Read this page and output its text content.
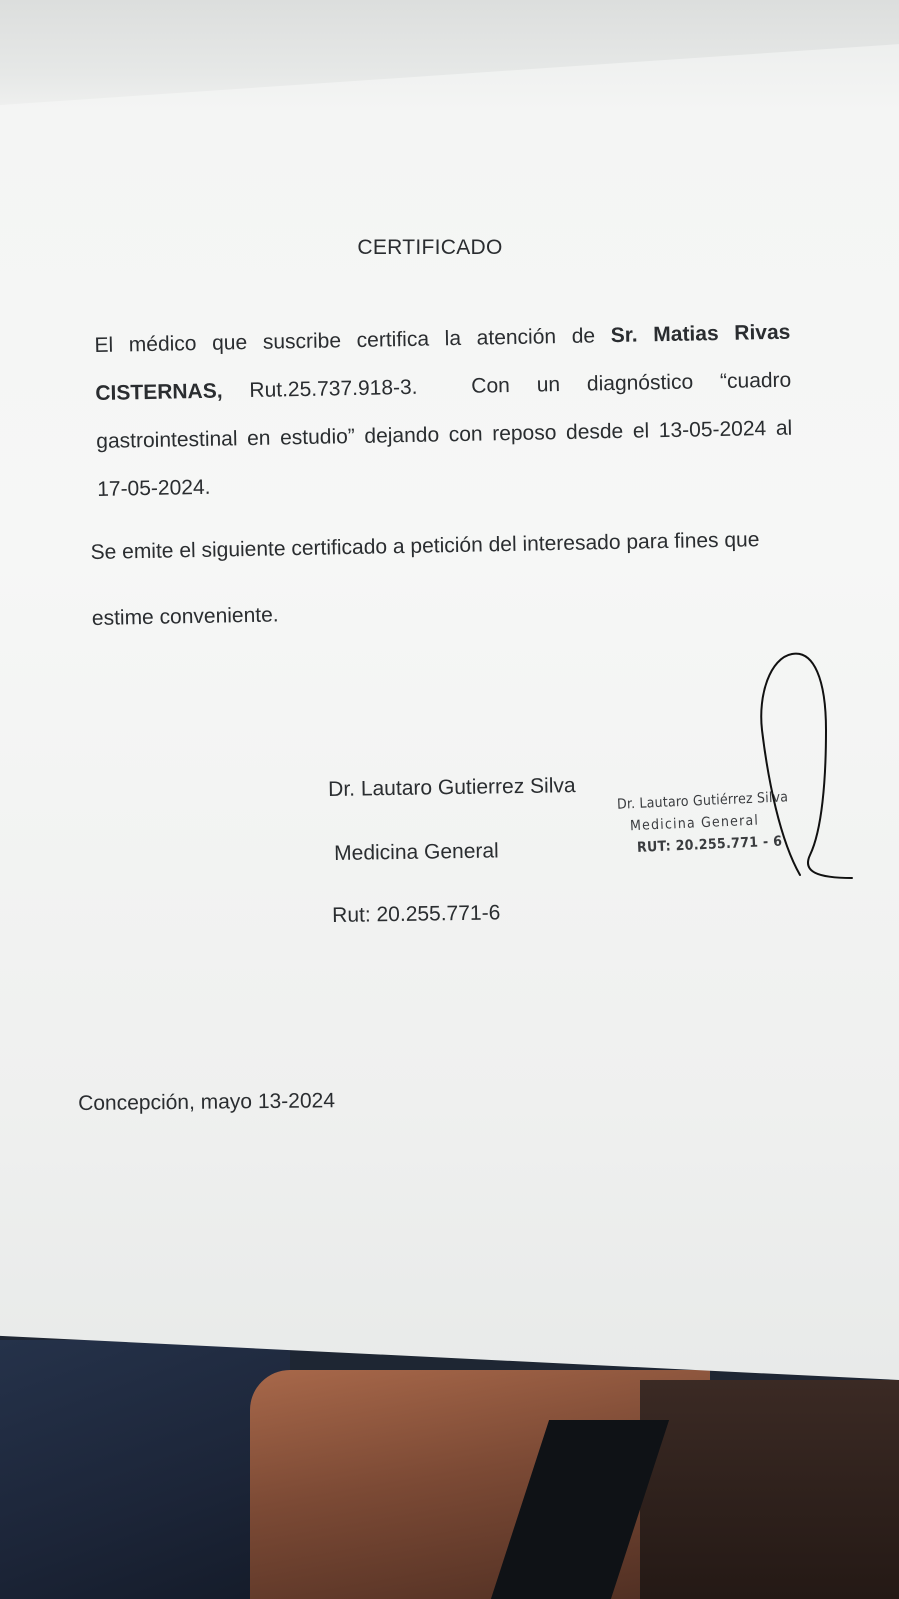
CERTIFICADO
El médico que suscribe certifica la atención de Sr. Matias Rivas CISTERNAS, Rut.25.737.918-3.	Con un diagnóstico “cuadro gastrointestinal en estudio” dejando con reposo desde el 13-05-2024 al 17-05-2024.
Se emite el siguiente certificado a petición del interesado para fines que estime conveniente.
Dr. Lautaro Gutierrez Silva
Medicina General
Rut: 20.255.771-6
Dr. Lautaro Gutiérrez Silva
Medicina General
RUT: 20.255.771 - 6
Concepción, mayo 13-2024
